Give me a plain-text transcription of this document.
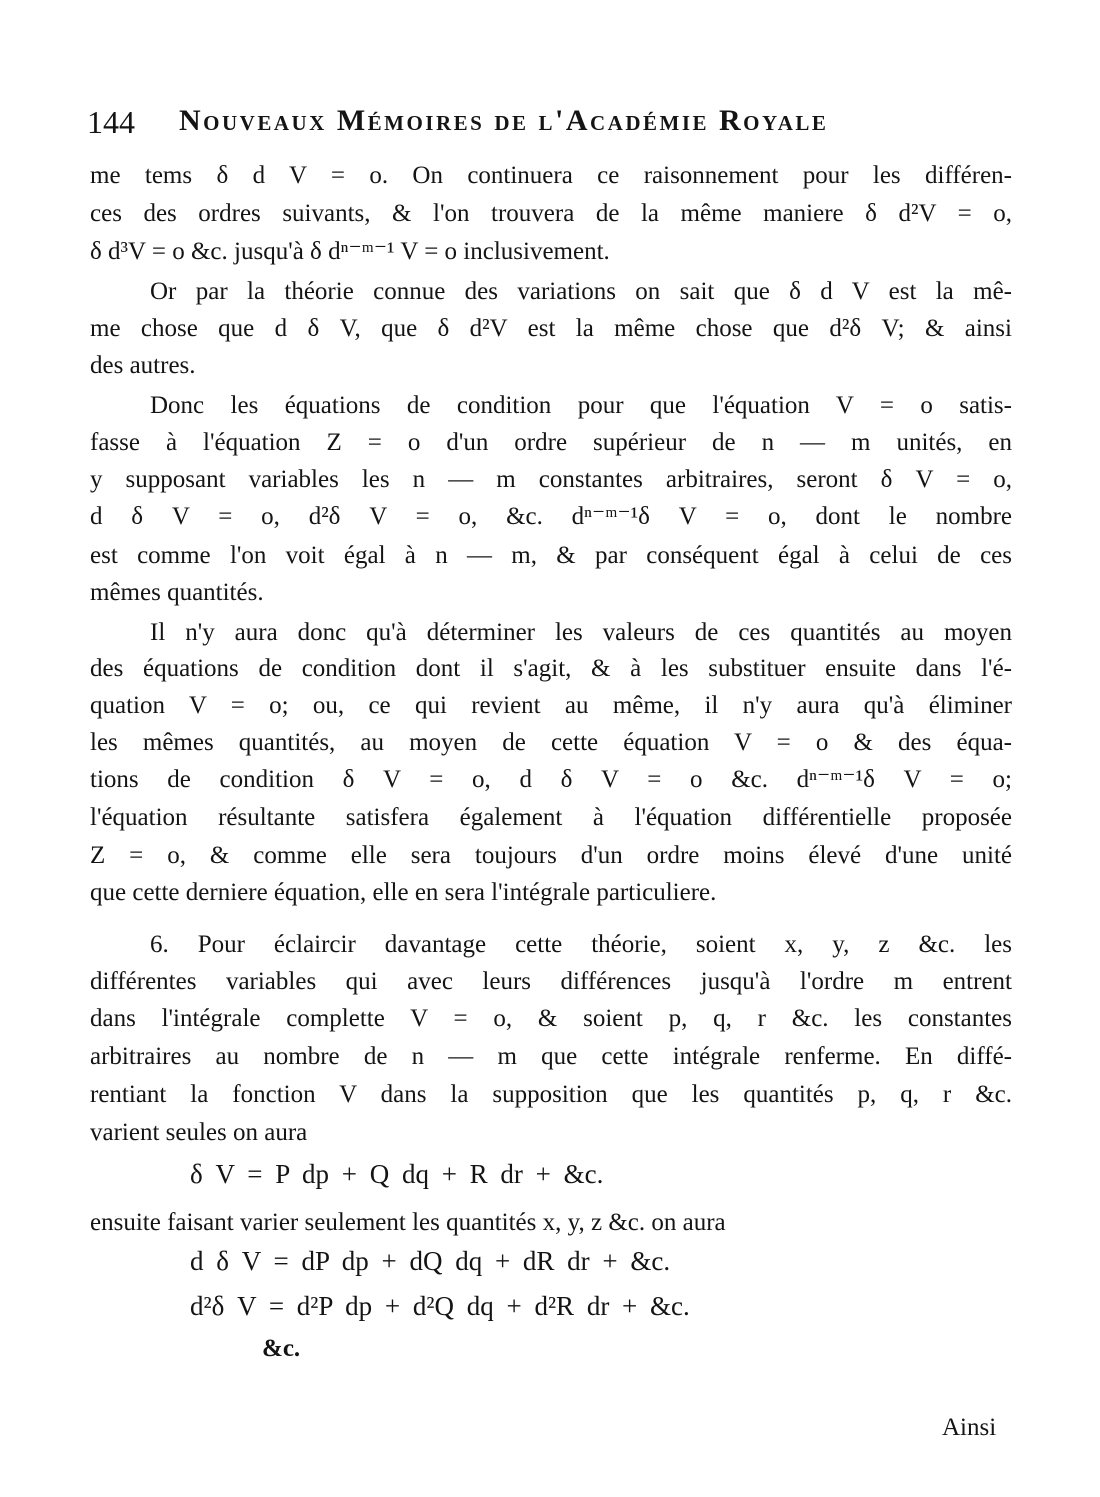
144 Nouveaux Mémoires de l'Académie Royale
me tems δ d V = o. On continuera ce raisonnement pour les différen-
ces des ordres suivants, & l'on trouvera de la même maniere δ d²V = o,
δ d³V = o &c. jusqu'à δ dⁿ⁻ᵐ⁻¹ V = o inclusivement.
Or par la théorie connue des variations on sait que δ d V est la mê-
me chose que d δ V, que δ d²V est la même chose que d²δ V; & ainsi
des autres.
Donc les équations de condition pour que l'équation V = o satis-
fasse à l'équation Z = o d'un ordre supérieur de n — m unités, en
y supposant variables les n — m constantes arbitraires, seront δ V = o,
d δ V = o, d²δ V = o, &c. dⁿ⁻ᵐ⁻¹δ V = o, dont le nombre
est comme l'on voit égal à n — m, & par conséquent égal à celui de ces
mêmes quantités.
Il n'y aura donc qu'à déterminer les valeurs de ces quantités au moyen
des équations de condition dont il s'agit, & à les substituer ensuite dans l'é-
quation V = o; ou, ce qui revient au même, il n'y aura qu'à éliminer
les mêmes quantités, au moyen de cette équation V = o & des équa-
tions de condition δ V = o, d δ V = o &c. dⁿ⁻ᵐ⁻¹δ V = o;
l'équation résultante satisfera également à l'équation différentielle proposée
Z = o, & comme elle sera toujours d'un ordre moins élevé d'une unité
que cette derniere équation, elle en sera l'intégrale particuliere.
6. Pour éclaircir davantage cette théorie, soient x, y, z &c. les
différentes variables qui avec leurs différences jusqu'à l'ordre m entrent
dans l'intégrale complette V = o, & soient p, q, r &c. les constantes
arbitraires au nombre de n — m que cette intégrale renferme. En diffé-
rentiant la fonction V dans la supposition que les quantités p, q, r &c.
varient seules on aura
δ V = P dp + Q dq + R dr + &c.
ensuite faisant varier seulement les quantités x, y, z &c. on aura
d δ V = dP dp + dQ dq + dR dr + &c.
d²δ V = d²P dp + d²Q dq + d²R dr + &c.
&c.
Ainsi
